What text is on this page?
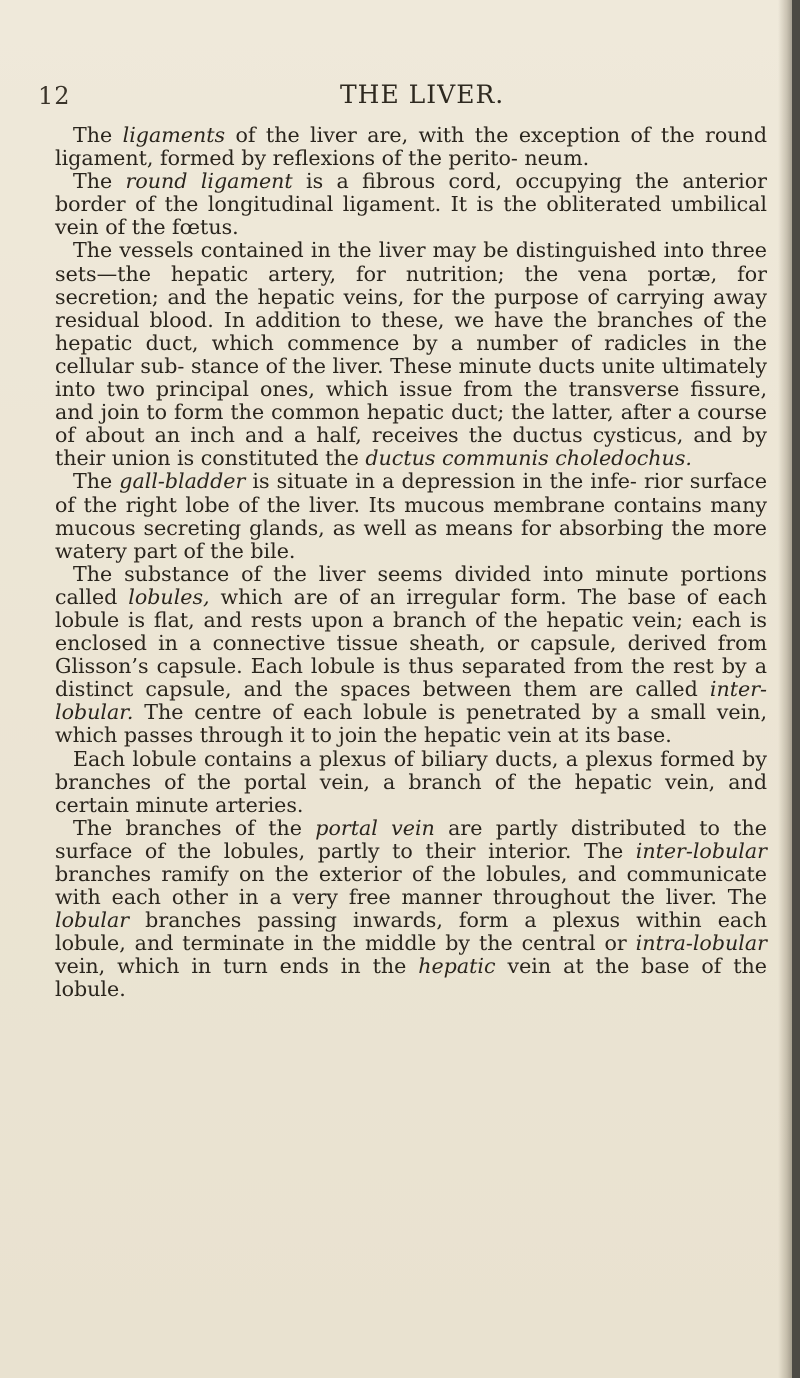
12	THE LIVER.

The ligaments of the liver are, with the exception of the round ligament, formed by reflexions of the perito- neum.

The round ligament is a fibrous cord, occupying the anterior border of the longitudinal ligament. It is the obliterated umbilical vein of the fœtus.

The vessels contained in the liver may be distinguished into three sets—the hepatic artery, for nutrition; the vena portæ, for secretion; and the hepatic veins, for the purpose of carrying away residual blood. In addition to these, we have the branches of the hepatic duct, which commence by a number of radicles in the cellular sub- stance of the liver. These minute ducts unite ultimately into two principal ones, which issue from the transverse fissure, and join to form the common hepatic duct; the latter, after a course of about an inch and a half, receives the ductus cysticus, and by their union is constituted the ductus communis choledochus.

The gall-bladder is situate in a depression in the infe- rior surface of the right lobe of the liver. Its mucous membrane contains many mucous secreting glands, as well as means for absorbing the more watery part of the bile.

The substance of the liver seems divided into minute portions called lobules, which are of an irregular form. The base of each lobule is flat, and rests upon a branch of the hepatic vein; each is enclosed in a connective tissue sheath, or capsule, derived from Glisson’s capsule. Each lobule is thus separated from the rest by a distinct capsule, and the spaces between them are called inter- lobular. The centre of each lobule is penetrated by a small vein, which passes through it to join the hepatic vein at its base.

Each lobule contains a plexus of biliary ducts, a plexus formed by branches of the portal vein, a branch of the hepatic vein, and certain minute arteries.

The branches of the portal vein are partly distributed to the surface of the lobules, partly to their interior. The inter-lobular branches ramify on the exterior of the lobules, and communicate with each other in a very free manner throughout the liver. The lobular branches passing inwards, form a plexus within each lobule, and terminate in the middle by the central or intra-lobular vein, which in turn ends in the hepatic vein at the base of the lobule.
